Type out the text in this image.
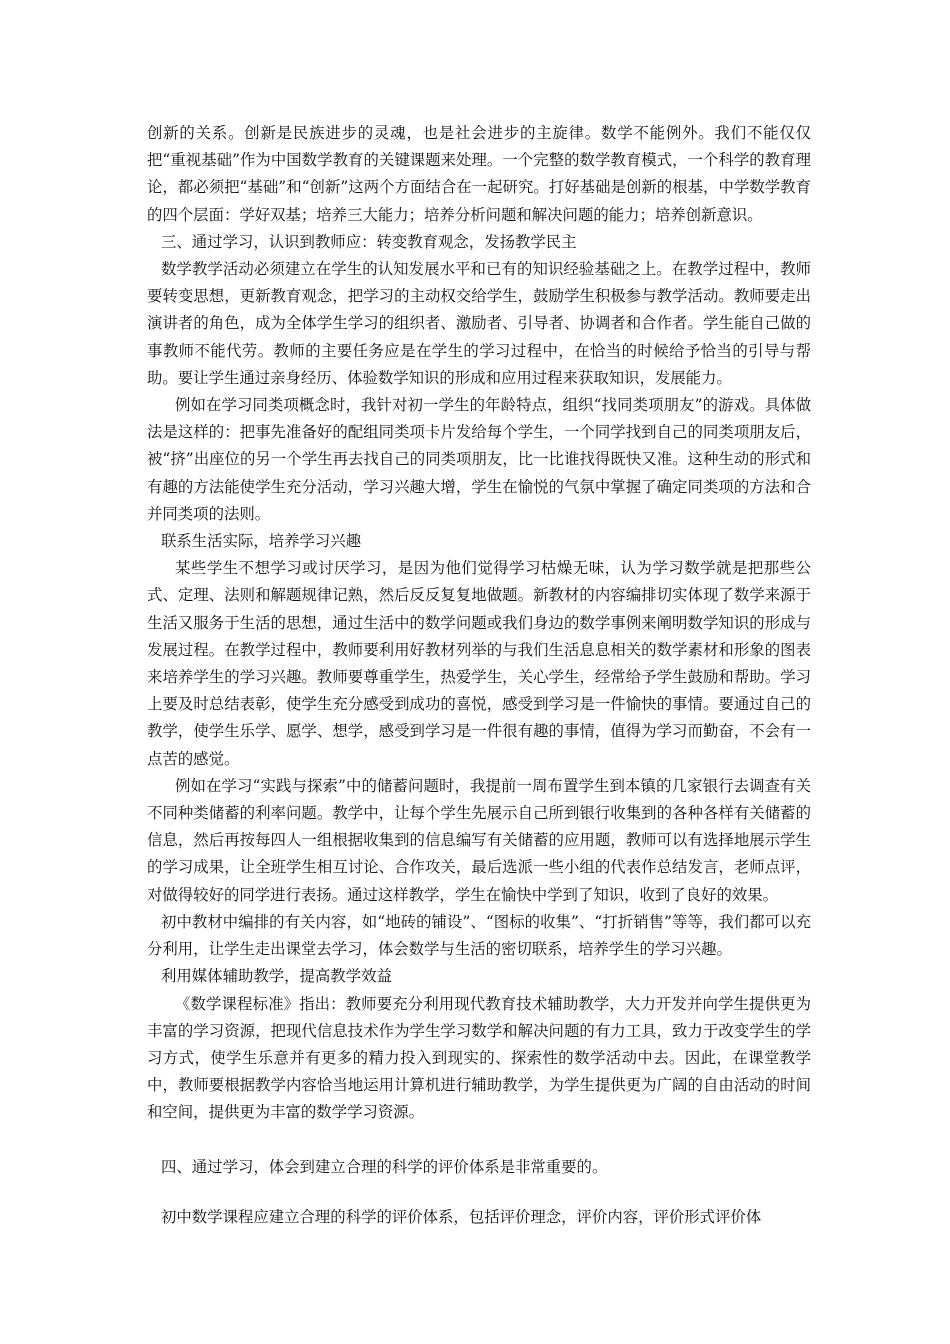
创新的关系。创新是民族进步的灵魂，也是社会进步的主旋律。数学不能例外。我们不能仅仅把“重视基础”作为中国数学教育的关键课题来处理。一个完整的数学教育模式，一个科学的教育理论，都必须把“基础”和“创新”这两个方面结合在一起研究。打好基础是创新的根基，中学数学教育的四个层面：学好双基；培养三大能力；培养分析问题和解决问题的能力；培养创新意识。

三、通过学习，认识到教师应：转变教育观念，发扬教学民主

数学教学活动必须建立在学生的认知发展水平和已有的知识经验基础之上。在教学过程中，教师要转变思想，更新教育观念，把学习的主动权交给学生，鼓励学生积极参与教学活动。教师要走出演讲者的角色，成为全体学生学习的组织者、激励者、引导者、协调者和合作者。学生能自己做的事教师不能代劳。教师的主要任务应是在学生的学习过程中，在恰当的时候给予恰当的引导与帮助。要让学生通过亲身经历、体验数学知识的形成和应用过程来获取知识，发展能力。

例如在学习同类项概念时，我针对初一学生的年龄特点，组织“找同类项朋友”的游戏。具体做法是这样的：把事先准备好的配组同类项卡片发给每个学生，一个同学找到自己的同类项朋友后，被“挤”出座位的另一个学生再去找自己的同类项朋友，比一比谁找得既快又准。这种生动的形式和有趣的方法能使学生充分活动，学习兴趣大增，学生在愉悦的气氛中掌握了确定同类项的方法和合并同类项的法则。

联系生活实际，培养学习兴趣

某些学生不想学习或讨厌学习，是因为他们觉得学习枯燥无味，认为学习数学就是把那些公式、定理、法则和解题规律记熟，然后反反复复地做题。新教材的内容编排切实体现了数学来源于生活又服务于生活的思想，通过生活中的数学问题或我们身边的数学事例来阐明数学知识的形成与发展过程。在教学过程中，教师要利用好教材列举的与我们生活息息相关的数学素材和形象的图表来培养学生的学习兴趣。教师要尊重学生，热爱学生，关心学生，经常给予学生鼓励和帮助。学习上要及时总结表彰，使学生充分感受到成功的喜悦，感受到学习是一件愉快的事情。要通过自己的教学，使学生乐学、愿学、想学，感受到学习是一件很有趣的事情，值得为学习而勤奋，不会有一点苦的感觉。

例如在学习“实践与探索”中的储蓄问题时，我提前一周布置学生到本镇的几家银行去调查有关不同种类储蓄的利率问题。教学中，让每个学生先展示自己所到银行收集到的各种各样有关储蓄的信息，然后再按每四人一组根据收集到的信息编写有关储蓄的应用题，教师可以有选择地展示学生的学习成果，让全班学生相互讨论、合作攻关，最后选派一些小组的代表作总结发言，老师点评，对做得较好的同学进行表扬。通过这样教学，学生在愉快中学到了知识，收到了良好的效果。

初中教材中编排的有关内容，如“地砖的铺设”、“图标的收集”、“打折销售”等等，我们都可以充分利用，让学生走出课堂去学习，体会数学与生活的密切联系，培养学生的学习兴趣。

利用媒体辅助教学，提高教学效益

《数学课程标准》指出：教师要充分利用现代教育技术辅助教学，大力开发并向学生提供更为丰富的学习资源，把现代信息技术作为学生学习数学和解决问题的有力工具，致力于改变学生的学习方式，使学生乐意并有更多的精力投入到现实的、探索性的数学活动中去。因此，在课堂教学中，教师要根据教学内容恰当地运用计算机进行辅助教学，为学生提供更为广阔的自由活动的时间和空间，提供更为丰富的数学学习资源。

四、通过学习，体会到建立合理的科学的评价体系是非常重要的。

初中数学课程应建立合理的科学的评价体系，包括评价理念，评价内容，评价形式评价体
